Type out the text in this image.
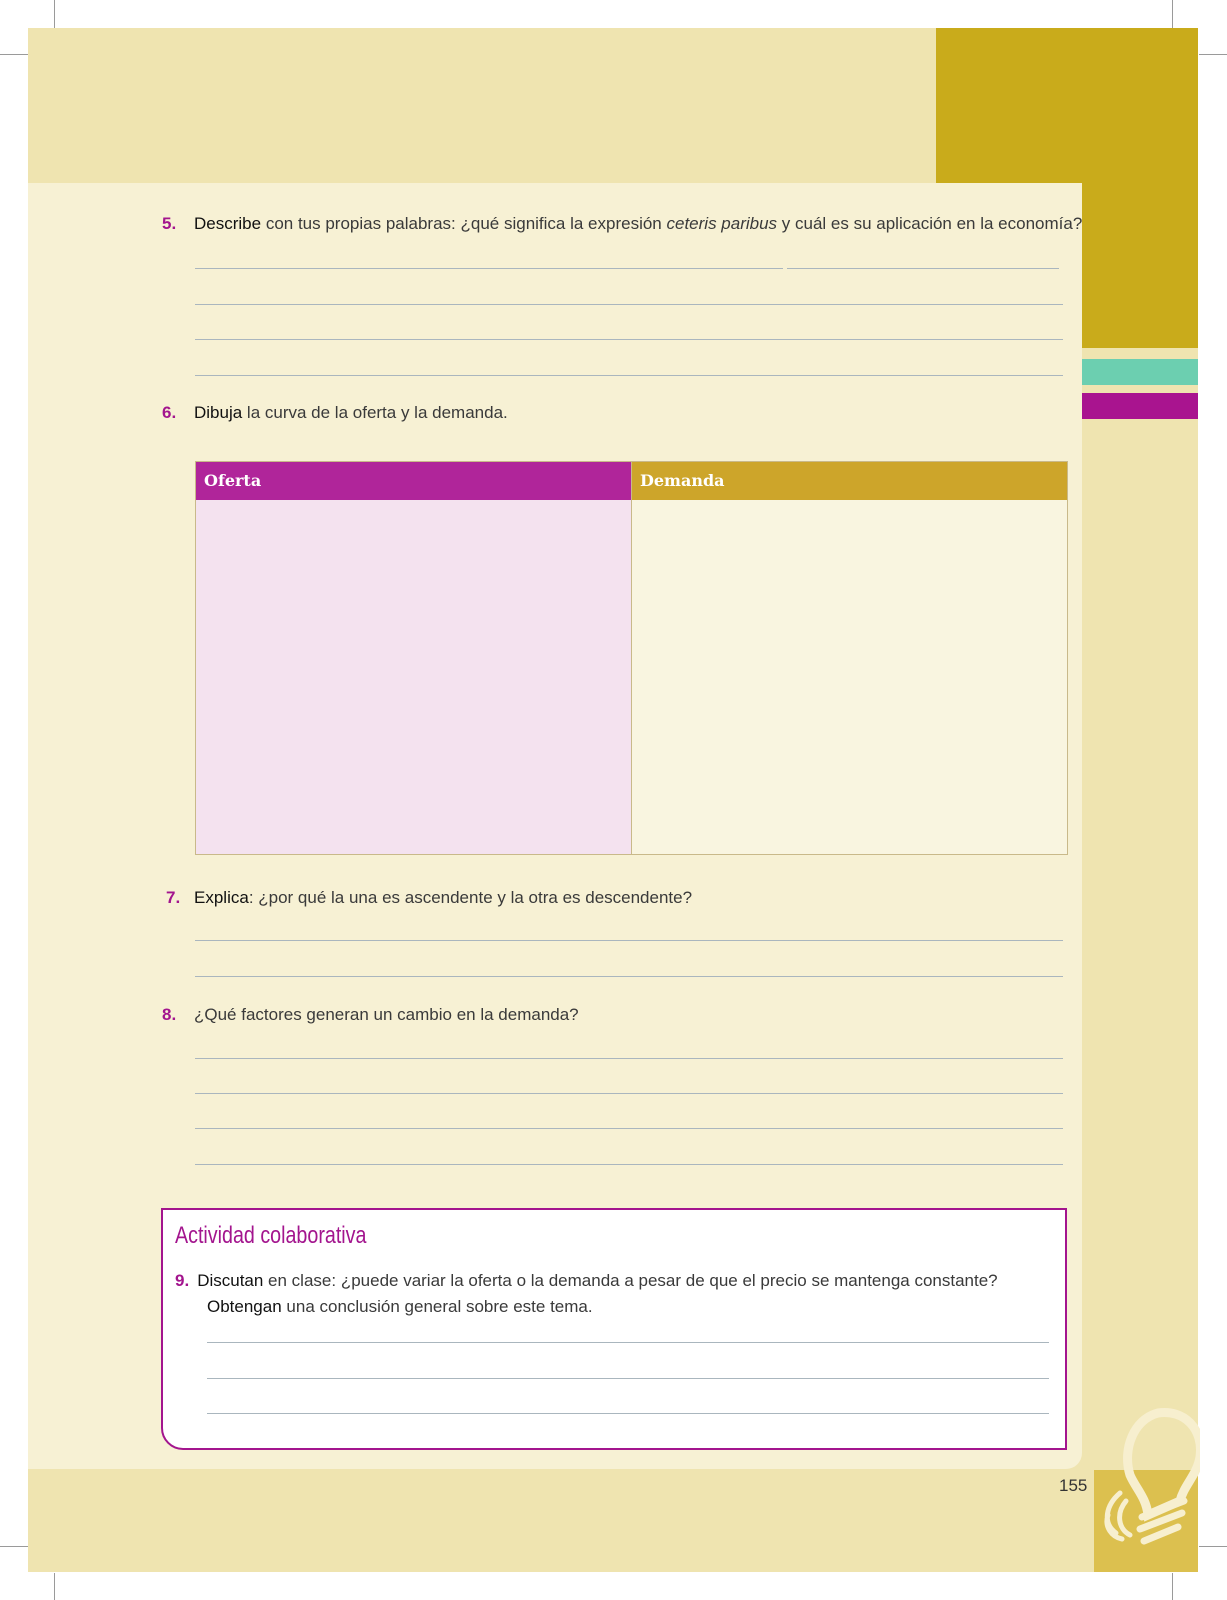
5. Describe con tus propias palabras: ¿qué significa la expresión ceteris paribus y cuál es su aplicación en la economía?
6. Dibuja la curva de la oferta y la demanda.
Oferta	Demanda
7. Explica: ¿por qué la una es ascendente y la otra es descendente?
8. ¿Qué factores generan un cambio en la demanda?
Actividad colaborativa
9. Discutan en clase: ¿puede variar la oferta o la demanda a pesar de que el precio se mantenga constante?
Obtengan una conclusión general sobre este tema.
155
